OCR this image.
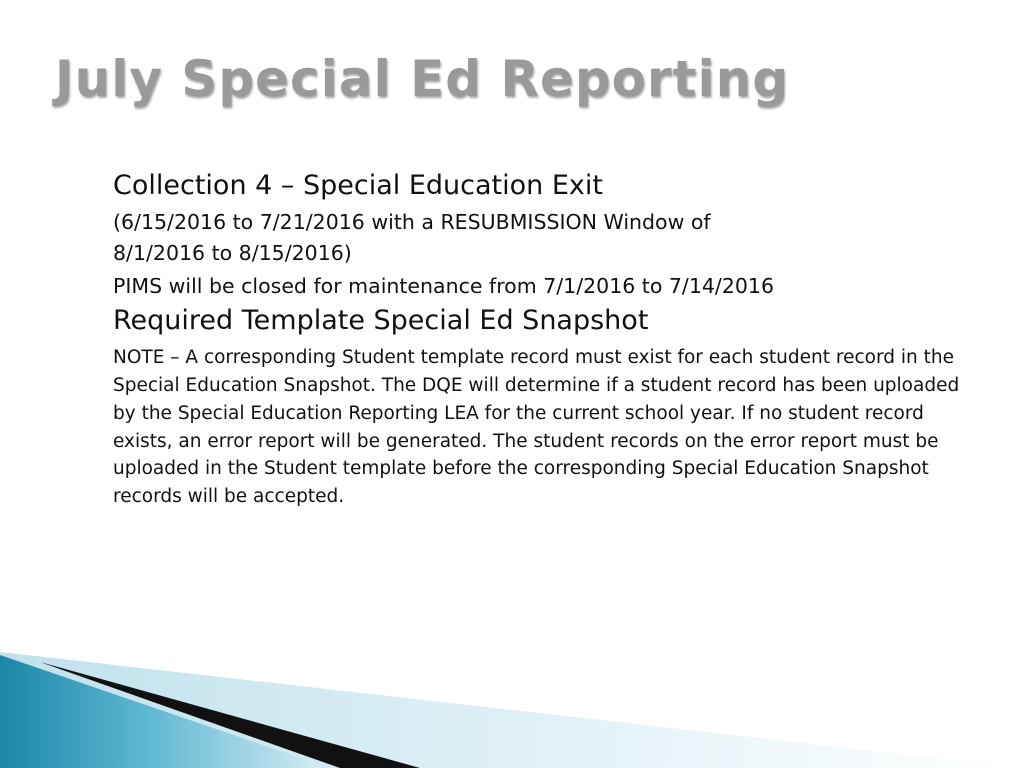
July Special Ed Reporting

Collection 4 – Special Education Exit

(6/15/2016 to 7/21/2016 with a RESUBMISSION Window of
8/1/2016 to 8/15/2016)

PIMS will be closed for maintenance from 7/1/2016 to 7/14/2016

Required Template Special Ed Snapshot

NOTE – A corresponding Student template record must exist for each student record in the Special Education Snapshot. The DQE will determine if a student record has been uploaded by the Special Education Reporting LEA for the current school year. If no student record exists, an error report will be generated. The student records on the error report must be uploaded in the Student template before the corresponding Special Education Snapshot records will be accepted.
